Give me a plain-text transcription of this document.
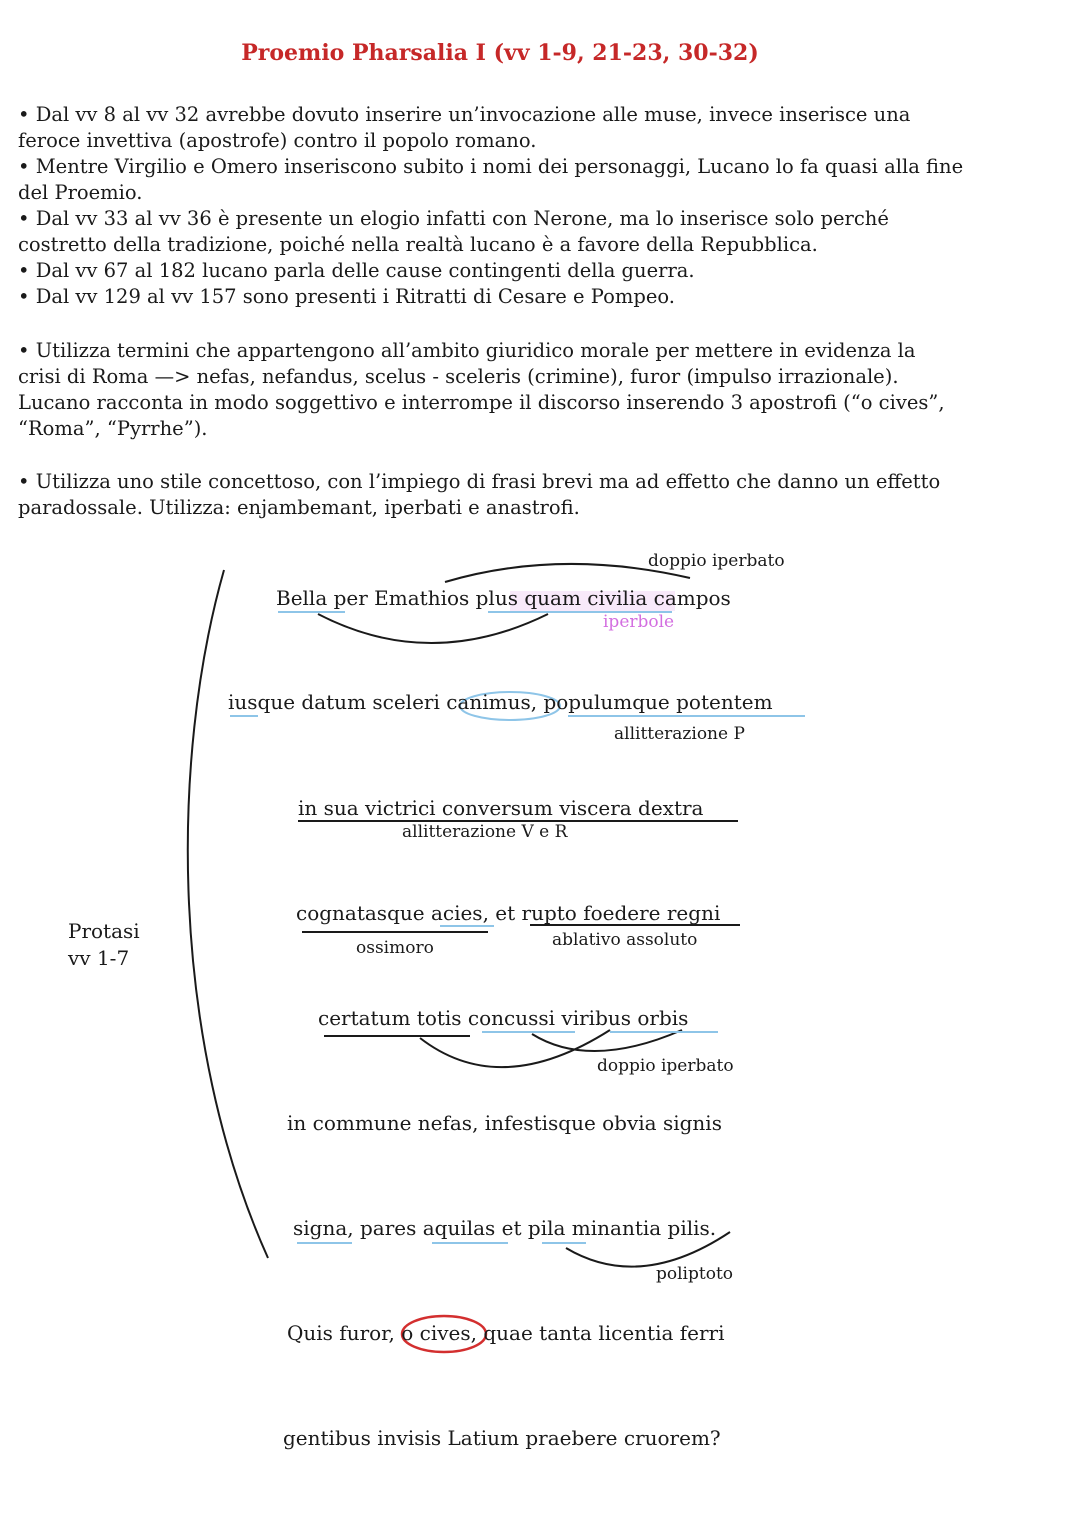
Proemio Pharsalia I (vv 1-9, 21-23, 30-32)
• Dal vv 8 al vv 32 avrebbe dovuto inserire un’invocazione alle muse, invece inserisce una
feroce invettiva (apostrofe) contro il popolo romano.
• Mentre Virgilio e Omero inseriscono subito i nomi dei personaggi, Lucano lo fa quasi alla fine
del Proemio.
• Dal vv 33 al vv 36 è presente un elogio infatti con Nerone, ma lo inserisce solo perché
costretto della tradizione, poiché nella realtà lucano è a favore della Repubblica.
• Dal vv 67 al 182 lucano parla delle cause contingenti della guerra.
• Dal vv 129 al vv 157 sono presenti i Ritratti di Cesare e Pompeo.
• Utilizza termini che appartengono all’ambito giuridico morale per mettere in evidenza la
crisi di Roma —> nefas, nefandus, scelus - sceleris (crimine), furor (impulso irrazionale).
Lucano racconta in modo soggettivo e interrompe il discorso inserendo 3 apostrofi (“o cives”,
“Roma”, “Pyrrhe”).
• Utilizza uno stile concettoso, con l’impiego di frasi brevi ma ad effetto che danno un effetto
paradossale. Utilizza: enjambemant, iperbati e anastrofi.
Protasi
vv 1-7
Bella per Emathios plus quam civilia campos
doppio iperbato
iperbole
iusque datum sceleri canimus, populumque potentem
allitterazione P
in sua victrici conversum viscera dextra
allitterazione V e R
cognatasque acies, et rupto foedere regni
ossimoro	ablativo assoluto
certatum totis concussi viribus orbis
doppio iperbato
in commune nefas, infestisque obvia signis
signa, pares aquilas et pila minantia pilis.
poliptoto
Quis furor, o cives, quae tanta licentia ferri
gentibus invisis Latium praebere cruorem?
